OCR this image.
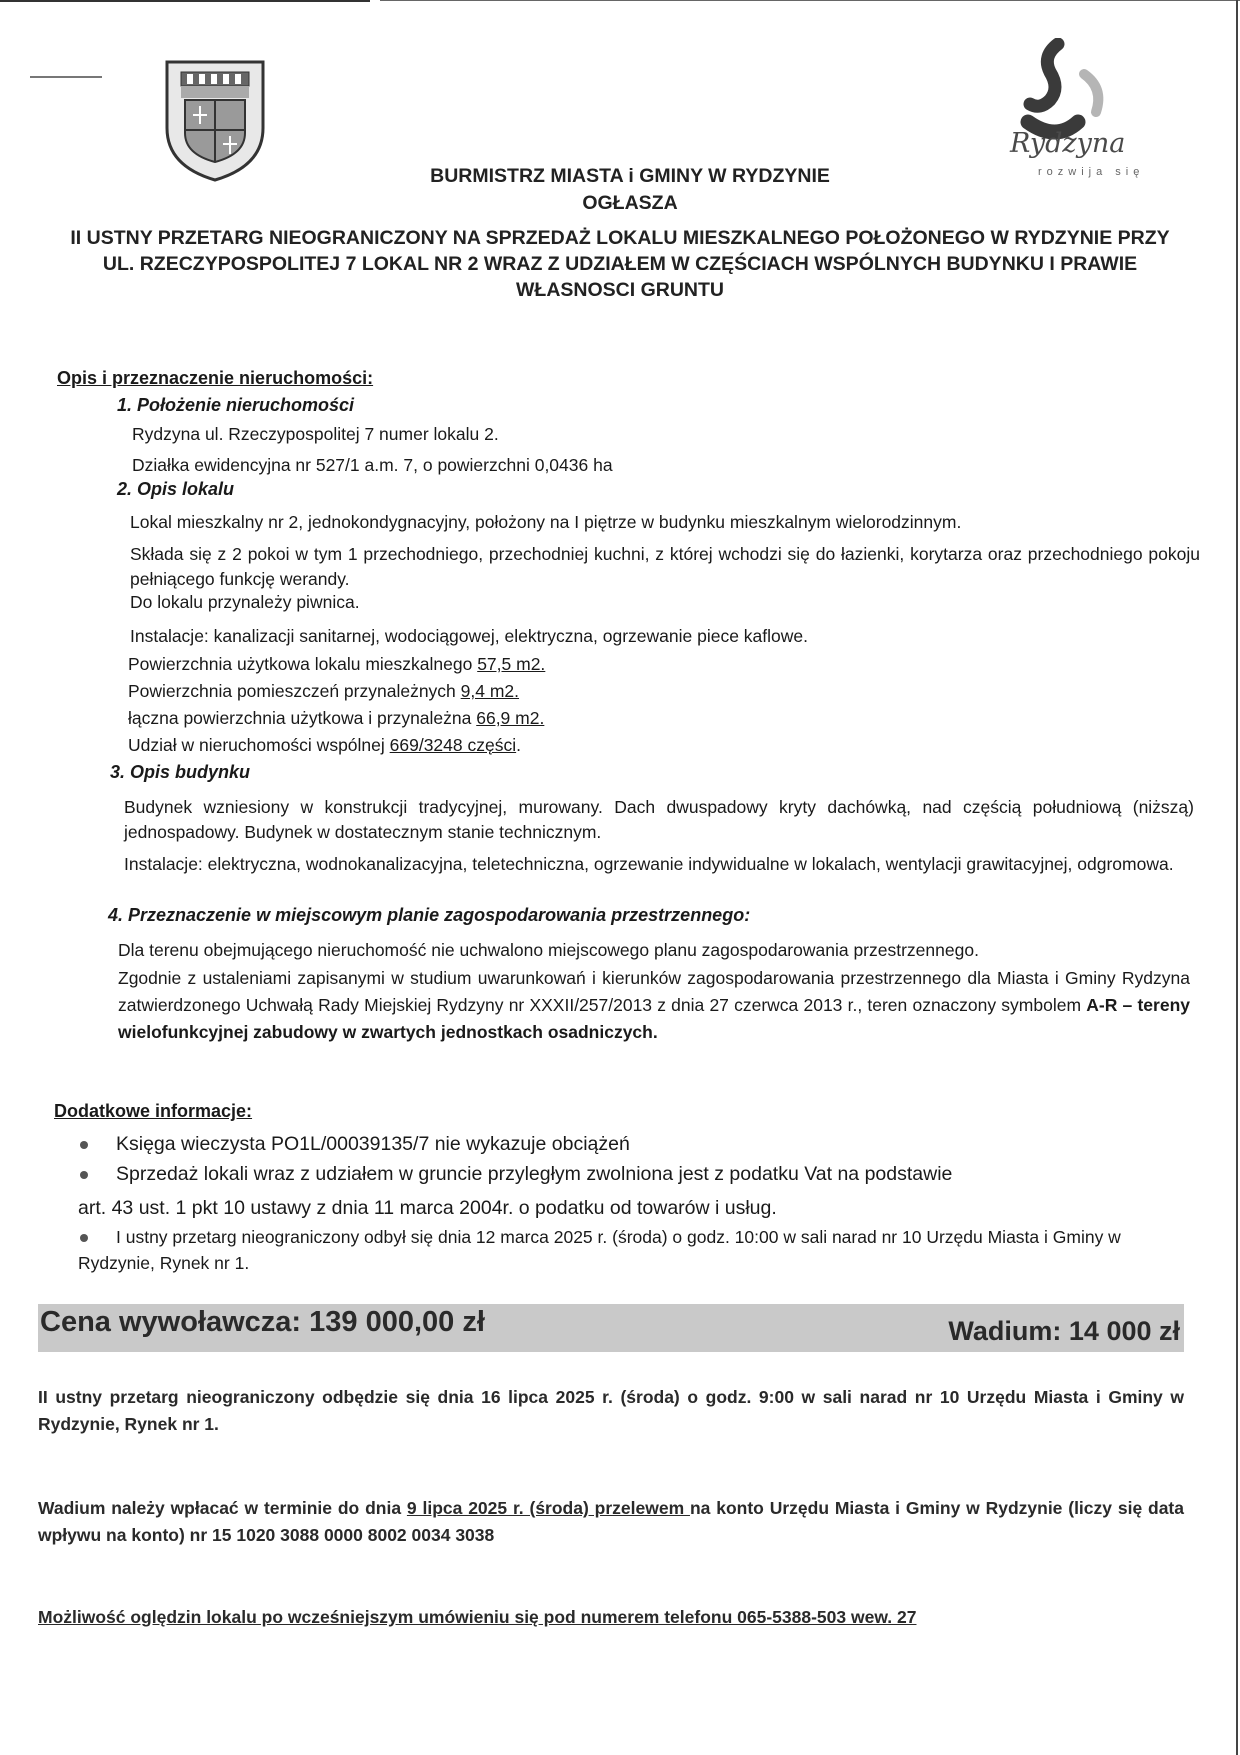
Rydzyna
rozwija się
BURMISTRZ MIASTA i GMINY W RYDZYNIE
OGŁASZA
II USTNY PRZETARG NIEOGRANICZONY NA SPRZEDAŻ LOKALU MIESZKALNEGO POŁOŻONEGO W RYDZYNIE PRZY UL. RZECZYPOSPOLITEJ 7 LOKAL NR 2 WRAZ Z UDZIAŁEM W CZĘŚCIACH WSPÓLNYCH BUDYNKU I PRAWIE WŁASNOSCI GRUNTU
Opis i przeznaczenie nieruchomości:
1. Położenie nieruchomości
Rydzyna ul. Rzeczypospolitej 7 numer lokalu 2.
Działka ewidencyjna nr 527/1 a.m. 7, o powierzchni 0,0436 ha
2. Opis lokalu
Lokal mieszkalny nr 2, jednokondygnacyjny, położony na I piętrze w budynku mieszkalnym wielorodzinnym.
Składa się z 2 pokoi w tym 1 przechodniego, przechodniej kuchni, z której wchodzi się do łazienki, korytarza oraz przechodniego pokoju pełniącego funkcję werandy.
Do lokalu przynależy piwnica.
Instalacje: kanalizacji sanitarnej, wodociągowej, elektryczna, ogrzewanie piece kaflowe.
Powierzchnia użytkowa lokalu mieszkalnego 57,5 m2.
Powierzchnia pomieszczeń przynależnych 9,4 m2.
łączna powierzchnia użytkowa i przynależna 66,9 m2.
Udział w nieruchomości wspólnej 669/3248 części.
3. Opis budynku
Budynek wzniesiony w konstrukcji tradycyjnej, murowany. Dach dwuspadowy kryty dachówką, nad częścią południową (niższą) jednospadowy. Budynek w dostatecznym stanie technicznym.
Instalacje: elektryczna, wodnokanalizacyjna, teletechniczna, ogrzewanie indywidualne w lokalach, wentylacji grawitacyjnej, odgromowa.
4. Przeznaczenie w miejscowym planie zagospodarowania przestrzennego:
Dla terenu obejmującego nieruchomość nie uchwalono miejscowego planu zagospodarowania przestrzennego.
Zgodnie z ustaleniami zapisanymi w studium uwarunkowań i kierunków zagospodarowania przestrzennego dla Miasta i Gminy Rydzyna zatwierdzonego Uchwałą Rady Miejskiej Rydzyny nr XXXII/257/2013 z dnia 27 czerwca 2013 r., teren oznaczony symbolem A-R – tereny wielofunkcyjnej zabudowy w zwartych jednostkach osadniczych.
Dodatkowe informacje:
Księga wieczysta PO1L/00039135/7 nie wykazuje obciążeń
Sprzedaż lokali wraz z udziałem w gruncie przyległym zwolniona jest z podatku Vat na podstawie
art. 43 ust. 1 pkt 10 ustawy z dnia 11 marca 2004r. o podatku od towarów i usług.
I ustny przetarg nieograniczony odbył się dnia 12 marca 2025 r. (środa) o godz. 10:00 w sali narad nr 10 Urzędu Miasta i Gminy w Rydzynie, Rynek nr 1.
Cena wywoławcza: 139 000,00 zł	Wadium: 14 000 zł
II ustny przetarg nieograniczony odbędzie się dnia 16 lipca 2025 r. (środa) o godz. 9:00 w sali narad nr 10 Urzędu Miasta i Gminy w Rydzynie, Rynek nr 1.
Wadium należy wpłacać w terminie do dnia 9 lipca 2025 r. (środa) przelewem na konto Urzędu Miasta i Gminy w Rydzynie (liczy się data wpływu na konto) nr 15 1020 3088 0000 8002 0034 3038
Możliwość oględzin lokalu po wcześniejszym umówieniu się pod numerem telefonu 065-5388-503 wew. 27
